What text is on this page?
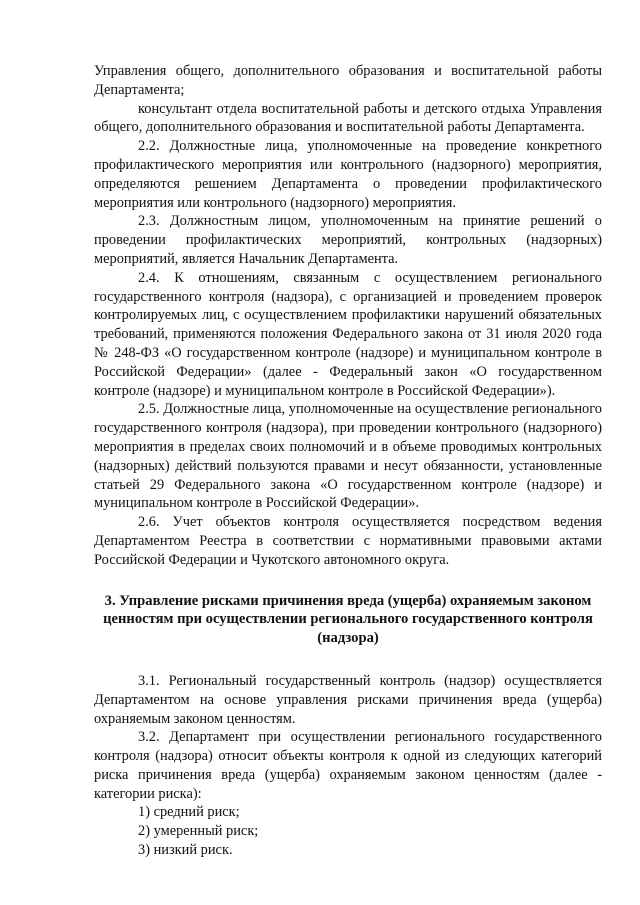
Управления общего, дополнительного образования и воспитательной работы Департамента;

консультант отдела воспитательной работы и детского отдыха Управления общего, дополнительного образования и воспитательной работы Департамента.

2.2. Должностные лица, уполномоченные на проведение конкретного профилактического мероприятия или контрольного (надзорного) мероприятия, определяются решением Департамента о проведении профилактического мероприятия или контрольного (надзорного) мероприятия.

2.3. Должностным лицом, уполномоченным на принятие решений о проведении профилактических мероприятий, контрольных (надзорных) мероприятий, является Начальник Департамента.

2.4. К отношениям, связанным с осуществлением регионального государственного контроля (надзора), с организацией и проведением проверок контролируемых лиц, с осуществлением профилактики нарушений обязательных требований, применяются положения Федерального закона от 31 июля 2020 года № 248-ФЗ «О государственном контроле (надзоре) и муниципальном контроле в Российской Федерации» (далее - Федеральный закон «О государственном контроле (надзоре) и муниципальном контроле в Российской Федерации»).

2.5. Должностные лица, уполномоченные на осуществление регионального государственного контроля (надзора), при проведении контрольного (надзорного) мероприятия в пределах своих полномочий и в объеме проводимых контрольных (надзорных) действий пользуются правами и несут обязанности, установленные статьей 29 Федерального закона «О государственном контроле (надзоре) и муниципальном контроле в Российской Федерации».

2.6. Учет объектов контроля осуществляется посредством ведения Департаментом Реестра в соответствии с нормативными правовыми актами Российской Федерации и Чукотского автономного округа.

3. Управление рисками причинения вреда (ущерба) охраняемым законом ценностям при осуществлении регионального государственного контроля (надзора)

3.1. Региональный государственный контроль (надзор) осуществляется Департаментом на основе управления рисками причинения вреда (ущерба) охраняемым законом ценностям.

3.2. Департамент при осуществлении регионального государственного контроля (надзора) относит объекты контроля к одной из следующих категорий риска причинения вреда (ущерба) охраняемым законом ценностям (далее - категории риска):

1) средний риск;

2) умеренный риск;

3) низкий риск.
